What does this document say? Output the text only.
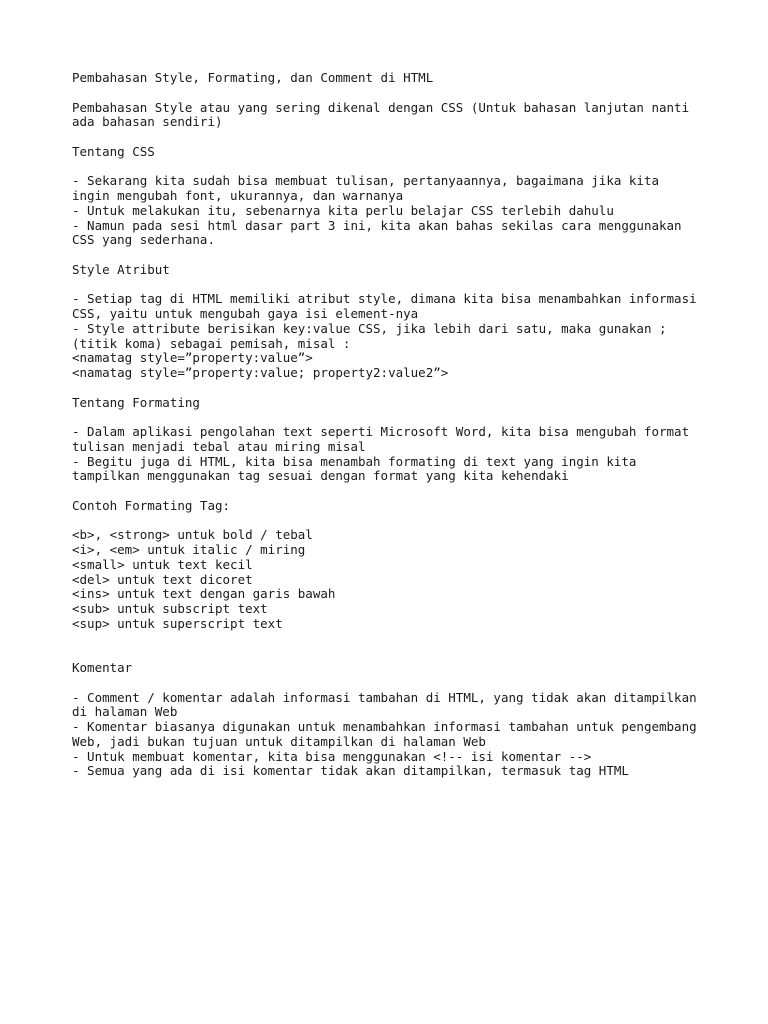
Pembahasan Style, Formating, dan Comment di HTML
Pembahasan Style atau yang sering dikenal dengan CSS (Untuk bahasan lanjutan nanti
ada bahasan sendiri)
Tentang CSS
- Sekarang kita sudah bisa membuat tulisan, pertanyaannya, bagaimana jika kita
ingin mengubah font, ukurannya, dan warnanya
- Untuk melakukan itu, sebenarnya kita perlu belajar CSS terlebih dahulu
- Namun pada sesi html dasar part 3 ini, kita akan bahas sekilas cara menggunakan
CSS yang sederhana.
Style Atribut
- Setiap tag di HTML memiliki atribut style, dimana kita bisa menambahkan informasi
CSS, yaitu untuk mengubah gaya isi element-nya
- Style attribute berisikan key:value CSS, jika lebih dari satu, maka gunakan ;
(titik koma) sebagai pemisah, misal :
<namatag style=”property:value”>
<namatag style=”property:value; property2:value2”>
Tentang Formating
- Dalam aplikasi pengolahan text seperti Microsoft Word, kita bisa mengubah format
tulisan menjadi tebal atau miring misal
- Begitu juga di HTML, kita bisa menambah formating di text yang ingin kita
tampilkan menggunakan tag sesuai dengan format yang kita kehendaki
Contoh Formating Tag:
<b>, <strong> untuk bold / tebal
<i>, <em> untuk italic / miring
<small> untuk text kecil
<del> untuk text dicoret
<ins> untuk text dengan garis bawah
<sub> untuk subscript text
<sup> untuk superscript text
Komentar
- Comment / komentar adalah informasi tambahan di HTML, yang tidak akan ditampilkan
di halaman Web
- Komentar biasanya digunakan untuk menambahkan informasi tambahan untuk pengembang
Web, jadi bukan tujuan untuk ditampilkan di halaman Web
- Untuk membuat komentar, kita bisa menggunakan <!-- isi komentar -->
- Semua yang ada di isi komentar tidak akan ditampilkan, termasuk tag HTML
